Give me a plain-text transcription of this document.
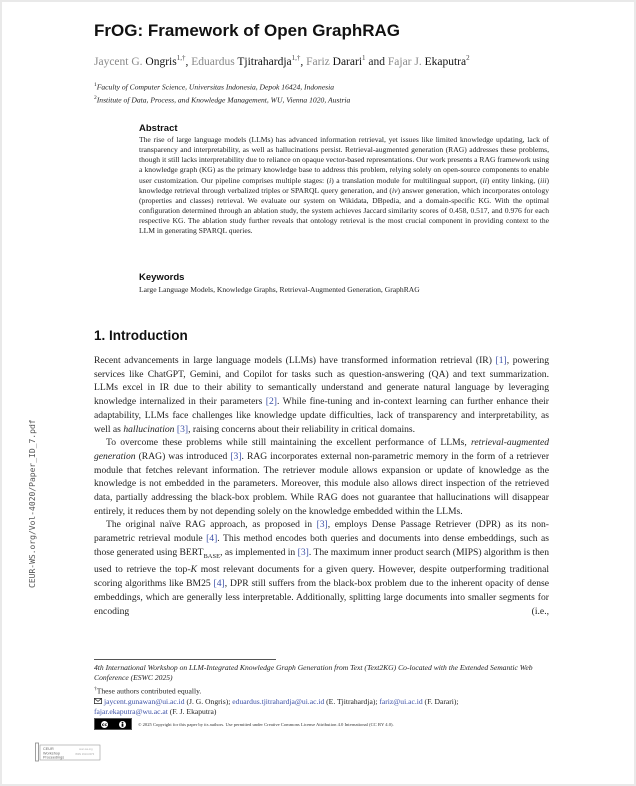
FrOG: Framework of Open GraphRAG
Jaycent G. Ongris$^{1,\dagger}$, Eduardus Tjitrahardja$^{1,\dagger}$, Fariz Darari$^1$ and Fajar J. Ekaputra$^2$
$^1$Faculty of Computer Science, Universitas Indonesia, Depok 16424, Indonesia
$^2$Institute of Data, Process, and Knowledge Management, WU, Vienna 1020, Austria
Abstract

The rise of large language models (LLMs) has advanced information retrieval, yet issues like limited knowledge updating, lack of transparency and interpretability, as well as hallucinations persist. Retrieval-augmented generation (RAG) addresses these problems, though it still lacks interpretability due to reliance on opaque vector-based representations. Our work presents a RAG framework using a knowledge graph (KG) as the primary knowledge base to address this problem, relying solely on open-source components to enable user customization. Our pipeline comprises multiple stages: (i) a translation module for multilingual support, (ii) entity linking, (iii) knowledge retrieval through verbalized triples or SPARQL query generation, and (iv) answer generation, which incorporates ontology (properties and classes) retrieval. We evaluate our system on Wikidata, DBpedia, and a domain-specific KG. With the optimal configuration determined through an ablation study, the system achieves Jaccard similarity scores of 0.458, 0.517, and 0.976 for each respective KG. The ablation study further reveals that ontology retrieval is the most crucial component in providing context to the LLM in generating SPARQL queries.

Keywords
Large Language Models, Knowledge Graphs, Retrieval-Augmented Generation, GraphRAG
1. Introduction

Recent advancements in large language models (LLMs) have transformed information retrieval (IR) [1], powering services like ChatGPT, Gemini, and Copilot for tasks such as question-answering (QA) and text summarization. LLMs excel in IR due to their ability to semantically understand and generate natural language by leveraging knowledge internalized in their parameters [2]. While fine-tuning and in-context learning can further enhance their adaptability, LLMs face challenges like knowledge update difficulties, lack of transparency and interpretability, as well as hallucination [3], raising concerns about their reliability in critical domains.

To overcome these problems while still maintaining the excellent performance of LLMs, retrieval-augmented generation (RAG) was introduced [3]. RAG incorporates external non-parametric memory in the form of a retriever module that fetches relevant information. The retriever module allows expansion or update of knowledge as the knowledge is not embedded in the parameters. Moreover, this module also allows direct inspection of the retrieved data, partially addressing the black-box problem. While RAG does not guarantee that hallucinations will disappear entirely, it reduces them by not depending solely on the knowledge embedded within the LLMs.

The original naïve RAG approach, as proposed in [3], employs Dense Passage Retriever (DPR) as its non-parametric retrieval module [4]. This method encodes both queries and documents into dense embeddings, such as those generated using $BERT_{BASE}$, as implemented in [3]. The maximum inner product search (MIPS) algorithm is then used to retrieve the top-K most relevant documents for a given query. However, despite outperforming traditional scoring algorithms like BM25 [4], DPR still suffers from the black-box problem due to the inherent opacity of dense embeddings, which are generally less interpretable. Additionally, splitting large documents into smaller segments for encoding (i.e.,

4th International Workshop on LLM-Integrated Knowledge Graph Generation from Text (Text2KG) Co-located with the Extended Semantic Web Conference (ESWC 2025)
†These authors contributed equally.
jaycent.gunawan@ui.ac.id (J. G. Ongris); eduardus.tjitrahardja@ui.ac.id (E. Tjitrahardja); fariz@ui.ac.id (F. Darari);
fajar.ekaputra@wu.ac.at (F. J. Ekaputra)
cc	© 2025 Copyright for this paper by its authors. Use permitted under Creative Commons License Attribution 4.0 International (CC BY 4.0).
CEUR-WS.org/Vol-4020/Paper_ID_7.pdf
CEUR
Workshop
Proceedings
ceur-ws.org
ISSN 1613-0073
